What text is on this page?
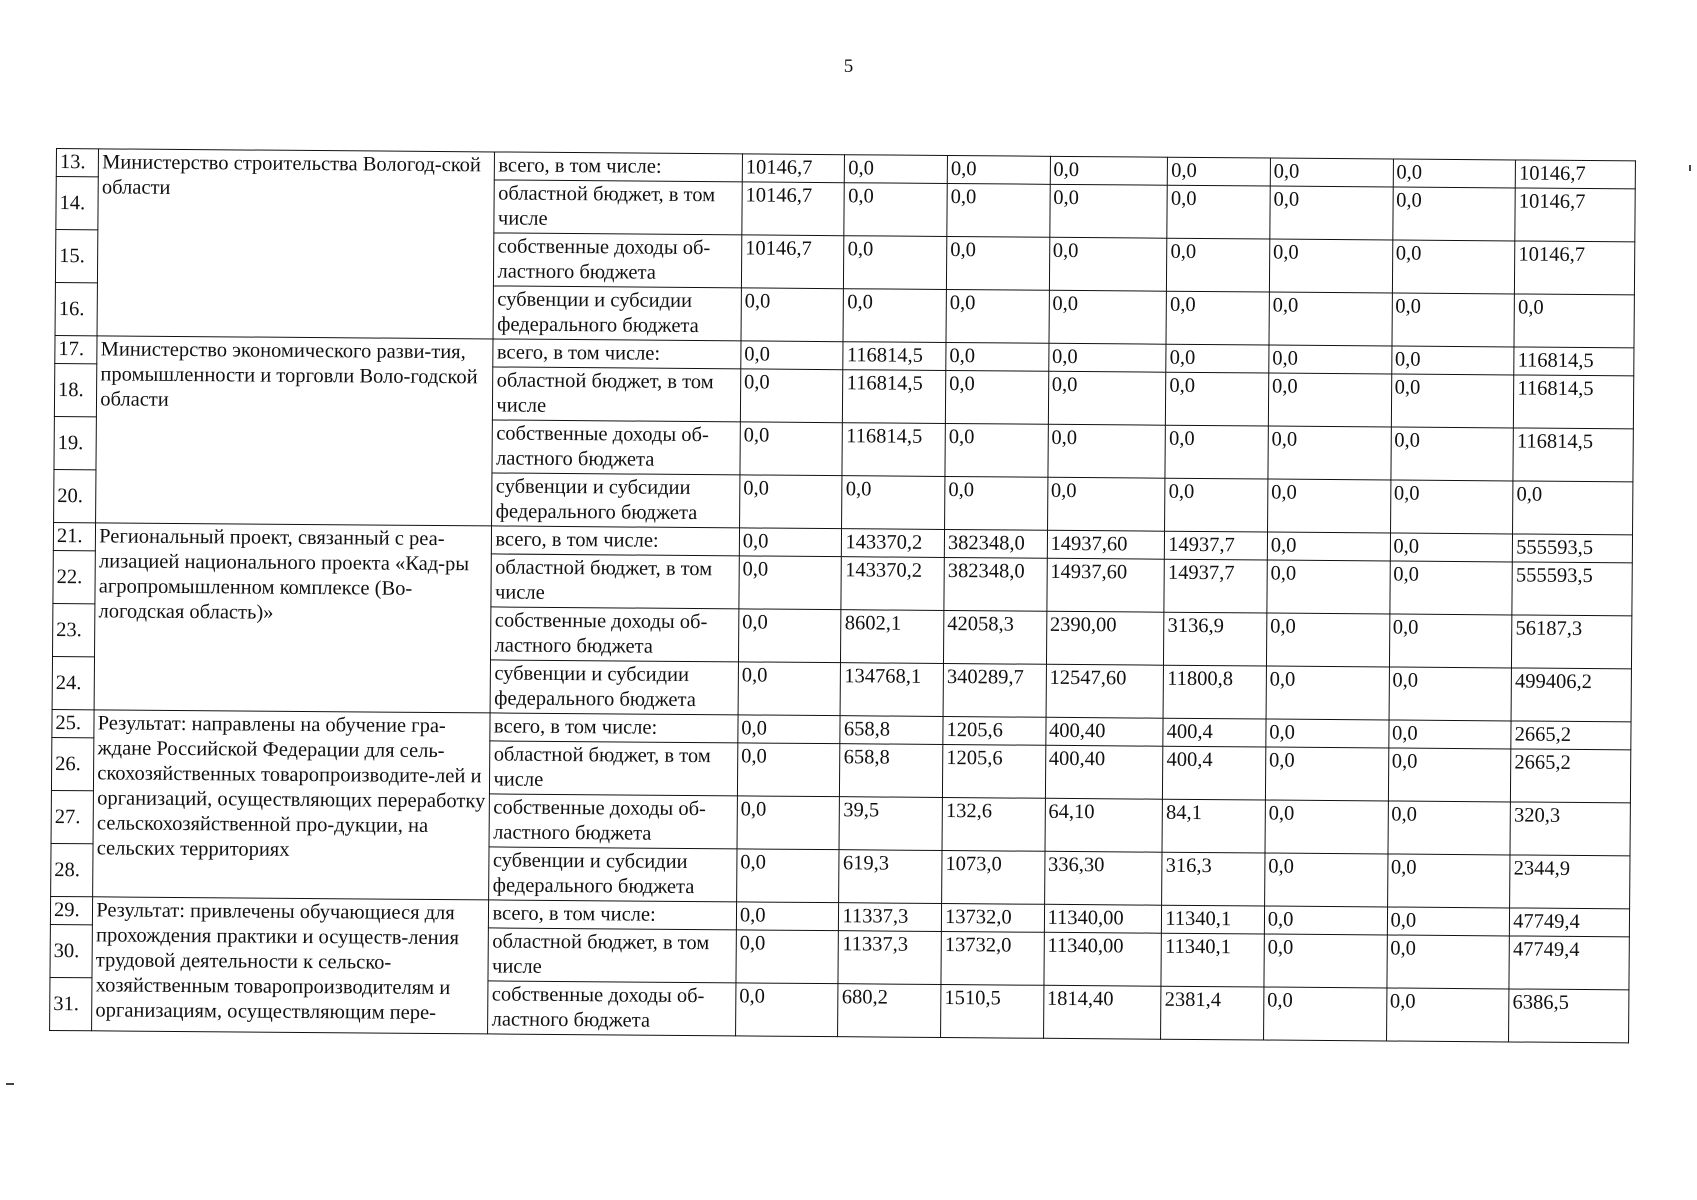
5
13.	Министерство строительства Вологод-ской области	всего, в том числе:	10146,7	0,0	0,0	0,0	0,0	0,0	0,0	10146,7
14.		областной бюджет, в том числе	10146,7	0,0	0,0	0,0	0,0	0,0	0,0	10146,7
15.		собственные доходы об-ластного бюджета	10146,7	0,0	0,0	0,0	0,0	0,0	0,0	10146,7
16.		субвенции и субсидии федерального бюджета	0,0	0,0	0,0	0,0	0,0	0,0	0,0	0,0
17.	Министерство экономического разви-тия, промышленности и торговли Воло-годской области	всего, в том числе:	0,0	116814,5	0,0	0,0	0,0	0,0	0,0	116814,5
18.		областной бюджет, в том числе	0,0	116814,5	0,0	0,0	0,0	0,0	0,0	116814,5
19.		собственные доходы об-ластного бюджета	0,0	116814,5	0,0	0,0	0,0	0,0	0,0	116814,5
20.		субвенции и субсидии федерального бюджета	0,0	0,0	0,0	0,0	0,0	0,0	0,0	0,0
21.	Региональный проект, связанный с реа-лизацией национального проекта «Кад-ры агропромышленном комплексе (Во-логодская область)»	всего, в том числе:	0,0	143370,2	382348,0	14937,60	14937,7	0,0	0,0	555593,5
22.		областной бюджет, в том числе	0,0	143370,2	382348,0	14937,60	14937,7	0,0	0,0	555593,5
23.		собственные доходы об-ластного бюджета	0,0	8602,1	42058,3	2390,00	3136,9	0,0	0,0	56187,3
24.		субвенции и субсидии федерального бюджета	0,0	134768,1	340289,7	12547,60	11800,8	0,0	0,0	499406,2
25.	Результат: направлены на обучение гра-ждане Российской Федерации для сель-скохозяйственных товаропроизводите-лей и организаций, осуществляющих переработку сельскохозяйственной про-дукции, на сельских территориях	всего, в том числе:	0,0	658,8	1205,6	400,40	400,4	0,0	0,0	2665,2
26.		областной бюджет, в том числе	0,0	658,8	1205,6	400,40	400,4	0,0	0,0	2665,2
27.		собственные доходы об-ластного бюджета	0,0	39,5	132,6	64,10	84,1	0,0	0,0	320,3
28.		субвенции и субсидии федерального бюджета	0,0	619,3	1073,0	336,30	316,3	0,0	0,0	2344,9
29.	Результат: привлечены обучающиеся для прохождения практики и осуществ-ления трудовой деятельности к сельско-хозяйственным товаропроизводителям и организациям, осуществляющим пере-	всего, в том числе:	0,0	11337,3	13732,0	11340,00	11340,1	0,0	0,0	47749,4
30.		областной бюджет, в том числе	0,0	11337,3	13732,0	11340,00	11340,1	0,0	0,0	47749,4
31.		собственные доходы об-ластного бюджета	0,0	680,2	1510,5	1814,40	2381,4	0,0	0,0	6386,5
